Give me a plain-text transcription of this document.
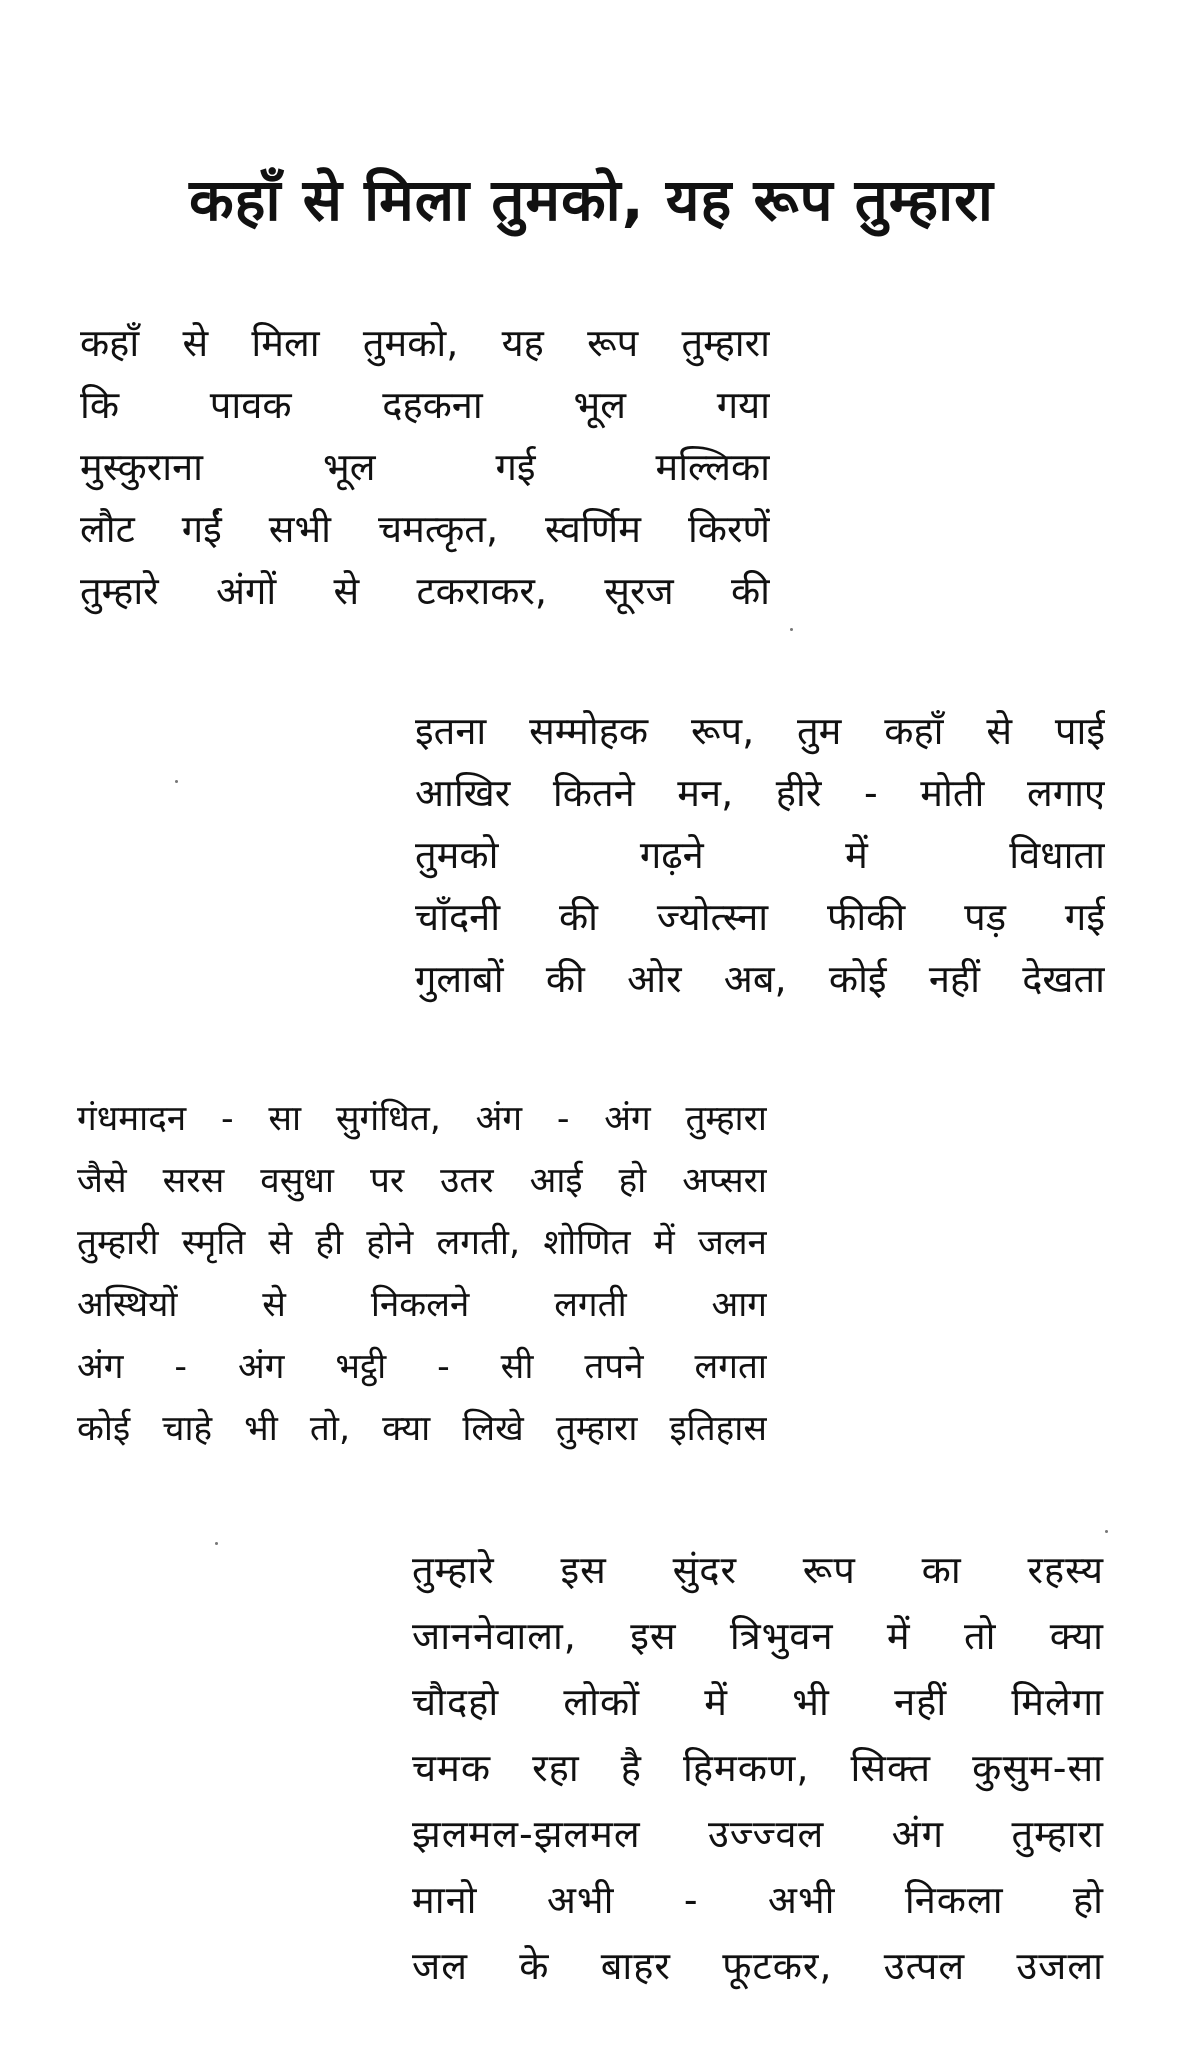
कहाँ से मिला तुमको, यह रूप तुम्हारा
कहाँ से मिला तुमको, यह रूप तुम्हारा
कि पावक दहकना भूल गया
मुस्कुराना भूल गई मल्लिका
लौट गईं सभी चमत्कृत, स्वर्णिम किरणें
तुम्हारे अंगों से टकराकर, सूरज की
इतना सम्मोहक रूप, तुम कहाँ से पाई
आखिर कितने मन, हीरे - मोती लगाए
तुमको गढ़ने में विधाता
चाँदनी की ज्योत्स्ना फीकी पड़ गई
गुलाबों की ओर अब, कोई नहीं देखता
गंधमादन - सा सुगंधित, अंग - अंग तुम्हारा
जैसे सरस वसुधा पर उतर आई हो अप्सरा
तुम्हारी स्मृति से ही होने लगती, शोणित में जलन
अस्थियों से निकलने लगती आग
अंग - अंग भट्ठी - सी तपने लगता
कोई चाहे भी तो, क्या लिखे तुम्हारा इतिहास
तुम्हारे इस सुंदर रूप का रहस्य
जाननेवाला, इस त्रिभुवन में तो क्या
चौदहो लोकों में भी नहीं मिलेगा
चमक रहा है हिमकण, सिक्त कुसुम-सा
झलमल-झलमल उज्ज्वल अंग तुम्हारा
मानो अभी - अभी निकला हो
जल के बाहर फूटकर, उत्पल उजला
